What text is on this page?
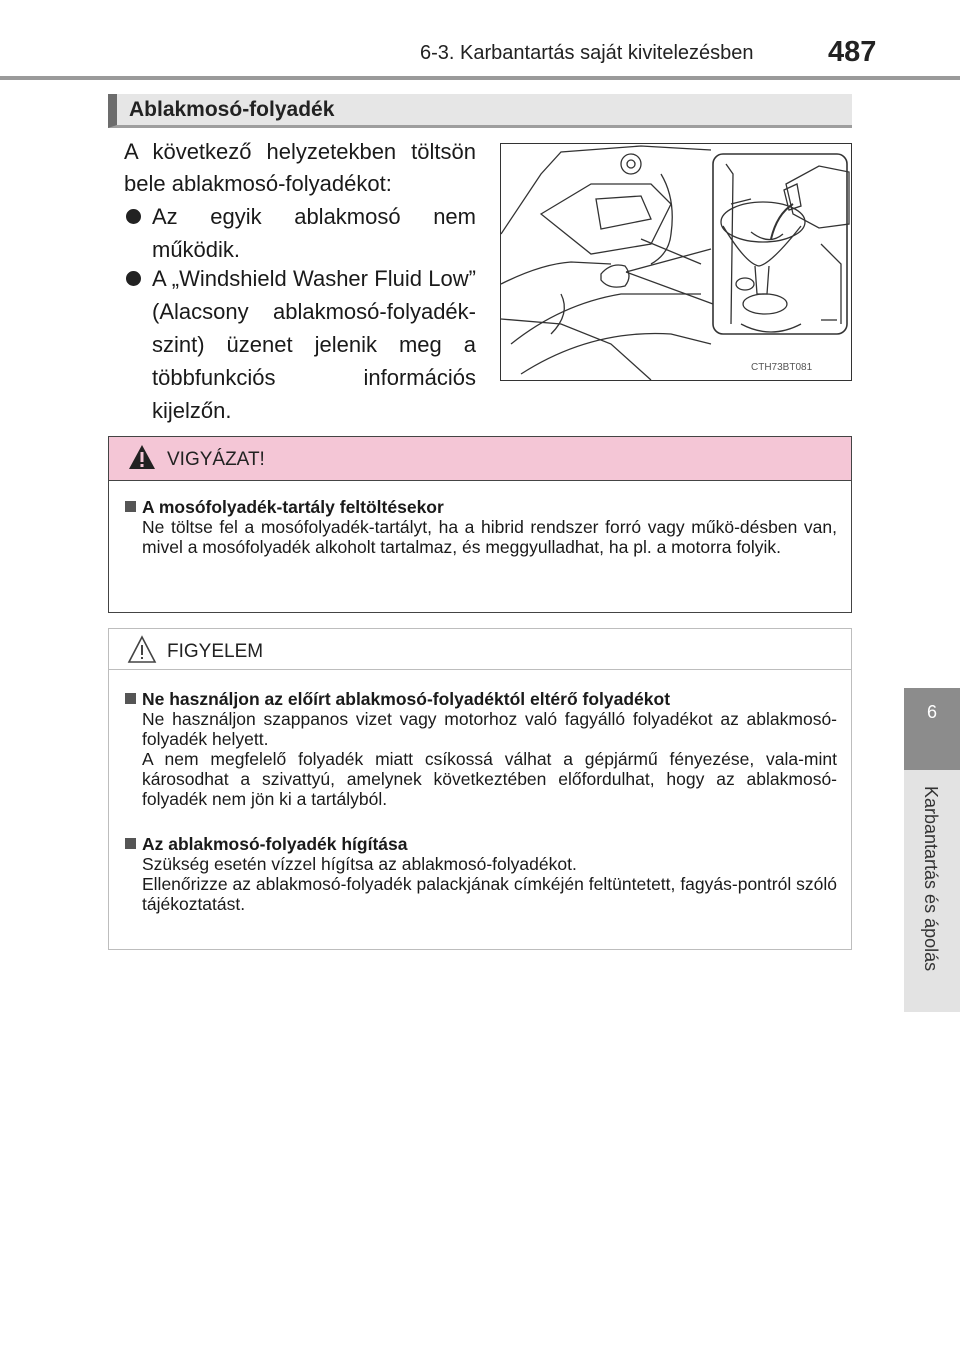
6-3. Karbantartás saját kivitelezésben	487
6
Karbantartás és ápolás
Ablakmosó-folyadék
A következő helyzetekben töltsön bele ablakmosó-folyadékot:
Az egyik ablakmosó nem működik.
A „Windshield Washer Fluid Low” (Alacsony ablakmosó-folyadék-szint) üzenet jelenik meg a többfunkciós információs kijelzőn.
CTH73BT081
VIGYÁZAT!
A mosófolyadék-tartály feltöltésekor
Ne töltse fel a mosófolyadék-tartályt, ha a hibrid rendszer forró vagy műkö-désben van, mivel a mosófolyadék alkoholt tartalmaz, és meggyulladhat, ha pl. a motorra folyik.
FIGYELEM
Ne használjon az előírt ablakmosó-folyadéktól eltérő folyadékot
Ne használjon szappanos vizet vagy motorhoz való fagyálló folyadékot az ablakmosó-folyadék helyett.
A nem megfelelő folyadék miatt csíkossá válhat a gépjármű fényezése, vala-mint károsodhat a szivattyú, amelynek következtében előfordulhat, hogy az ablakmosó-folyadék nem jön ki a tartályból.
Az ablakmosó-folyadék hígítása
Szükség esetén vízzel hígítsa az ablakmosó-folyadékot.
Ellenőrizze az ablakmosó-folyadék palackjának címkéjén feltüntetett, fagyás-pontról szóló tájékoztatást.
